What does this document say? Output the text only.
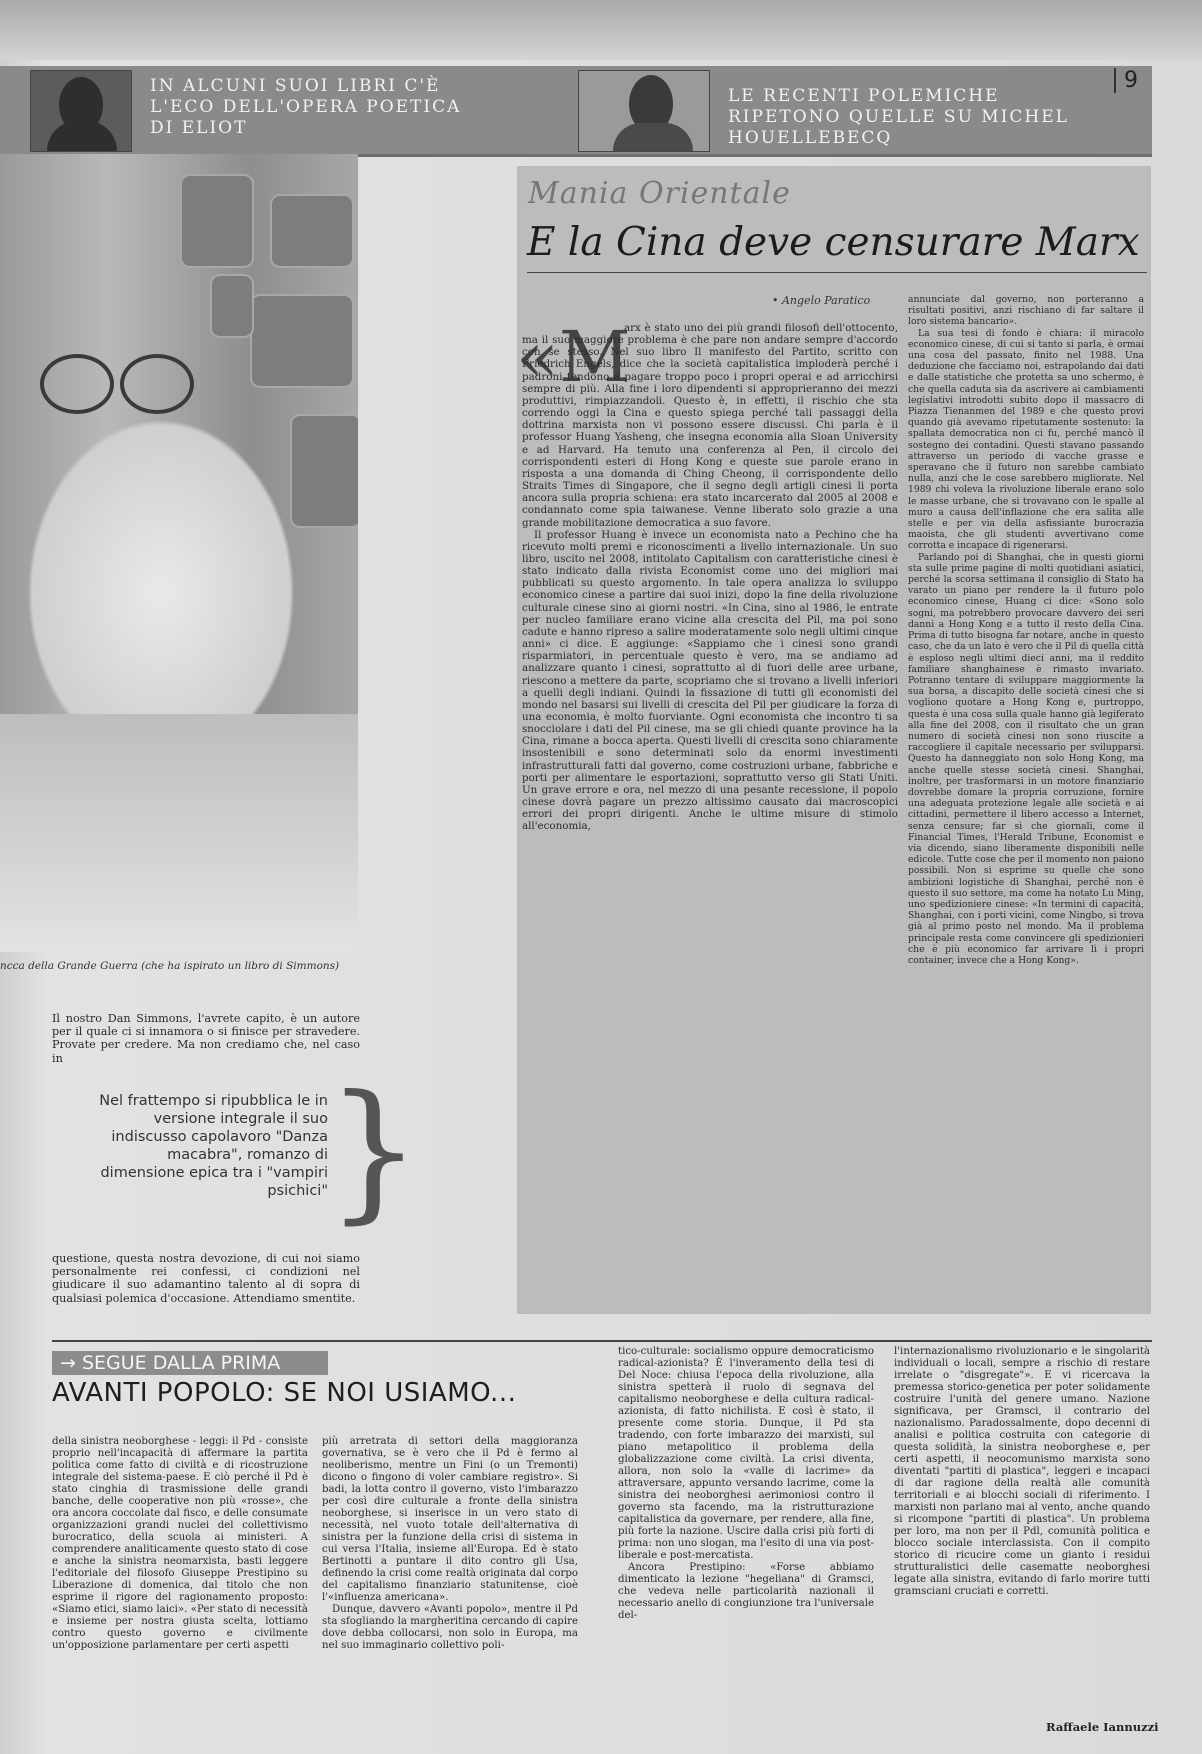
IN ALCUNI SUOI LIBRI C'È L'ECO DELL'OPERA POETICA DI ELIOT
LE RECENTI POLEMICHE RIPETONO QUELLE SU MICHEL HOUELLEBECQ
9
ncca della Grande Guerra (che ha ispirato un libro di Simmons)

Il nostro Dan Simmons, l'avrete capito, è un autore per il quale ci si innamora o si finisce per stravedere. Provate per credere. Ma non crediamo che, nel caso in

Nel frattempo si ripubblica le in versione integrale il suo indiscusso capolavoro "Danza macabra", romanzo di dimensione epica tra i "vampiri psichici"
}

questione, questa nostra devozione, di cui noi siamo personalmente rei confessi, ci condizioni nel giudicare il suo adamantino talento al di sopra di qualsiasi polemica d'occasione. Attendiamo smentite.

Mania Orientale
E la Cina deve censurare Marx
• Angelo Paratico
«M

arx è stato uno dei più grandi filosofi dell'ottocento, ma il suo maggiore problema è che pare non andare sempre d'accordo con se stesso. Nel suo libro Il manifesto del Partito, scritto con Friedrich Engels, dice che la società capitalistica imploderà perché i padroni tendono a pagare troppo poco i propri operai e ad arricchirsi sempre di più. Alla fine i loro dipendenti si approprieranno dei mezzi produttivi, rimpiazzandoli. Questo è, in effetti, il rischio che sta correndo oggi la Cina e questo spiega perché tali passaggi della dottrina marxista non vi possono essere discussi. Chi parla è il professor Huang Yasheng, che insegna economia alla Sloan University e ad Harvard. Ha tenuto una conferenza al Pen, il circolo dei corrispondenti esteri di Hong Kong e queste sue parole erano in risposta a una domanda di Ching Cheong, il corrispondente dello Straits Times di Singapore, che il segno degli artigli cinesi li porta ancora sulla propria schiena: era stato incarcerato dal 2005 al 2008 e condannato come spia taiwanese. Venne liberato solo grazie a una grande mobilitazione democratica a suo favore.

Il professor Huang è invece un economista nato a Pechino che ha ricevuto molti premi e riconoscimenti a livello internazionale. Un suo libro, uscito nel 2008, intitolato Capitalism con caratteristiche cinesi è stato indicato dalla rivista Economist come uno dei migliori mai pubblicati su questo argomento. In tale opera analizza lo sviluppo economico cinese a partire dai suoi inizi, dopo la fine della rivoluzione culturale cinese sino ai giorni nostri. «In Cina, sino al 1986, le entrate per nucleo familiare erano vicine alla crescita del Pil, ma poi sono cadute e hanno ripreso a salire moderatamente solo negli ultimi cinque anni» ci dice. E aggiunge: «Sappiamo che i cinesi sono grandi risparmiatori, in percentuale questo è vero, ma se andiamo ad analizzare quanto i cinesi, soprattutto al di fuori delle aree urbane, riescono a mettere da parte, scopriamo che si trovano a livelli inferiori a quelli degli indiani. Quindi la fissazione di tutti gli economisti del mondo nel basarsi sui livelli di crescita del Pil per giudicare la forza di una economia, è molto fuorviante. Ogni economista che incontro ti sa snocciolare i dati del Pil cinese, ma se gli chiedi quante province ha la Cina, rimane a bocca aperta. Questi livelli di crescita sono chiaramente insostenibili e sono determinati solo da enormi investimenti infrastrutturali fatti dal governo, come costruzioni urbane, fabbriche e porti per alimentare le esportazioni, soprattutto verso gli Stati Uniti. Un grave errore e ora, nel mezzo di una pesante recessione, il popolo cinese dovrà pagare un prezzo altissimo causato dai macroscopici errori dei propri dirigenti. Anche le ultime misure di stimolo all'economia,

annunciate dal governo, non porteranno a risultati positivi, anzi rischiano di far saltare il loro sistema bancario».

La sua tesi di fondo è chiara: il miracolo economico cinese, di cui si tanto si parla, è ormai una cosa del passato, finito nel 1988. Una deduzione che facciamo noi, estrapolando dai dati e dalle statistiche che protetta sa uno schermo, è che quella caduta sia da ascrivere ai cambiamenti legislativi introdotti subito dopo il massacro di Piazza Tienanmen del 1989 e che questo provi quando già avevamo ripetutamente sostenuto: la spallata democratica non ci fu, perché mancò il sostegno dei contadini. Questi stavano passando attraverso un periodo di vacche grasse e speravano che il futuro non sarebbe cambiato nulla, anzi che le cose sarebbero migliorate. Nel 1989 chi voleva la rivoluzione liberale erano solo le masse urbane, che si trovavano con le spalle al muro a causa dell'inflazione che era salita alle stelle e per via della asfissiante burocrazia maoista, che gli studenti avvertivano come corrotta e incapace di rigenerarsi.

Parlando poi di Shanghai, che in questi giorni sta sulle prime pagine di molti quotidiani asiatici, perché la scorsa settimana il consiglio di Stato ha varato un piano per rendere la il futuro polo economico cinese, Huang ci dice: «Sono solo sogni, ma potrebbero provocare davvero dei seri danni a Hong Kong e a tutto il resto della Cina. Prima di tutto bisogna far notare, anche in questo caso, che da un lato è vero che il Pil di quella città è esploso negli ultimi dieci anni, ma il reddito familiare shanghainese è rimasto invariato. Potranno tentare di sviluppare maggiormente la sua borsa, a discapito delle società cinesi che si vogliono quotare a Hong Kong e, purtroppo, questa è una cosa sulla quale hanno già legiferato alla fine del 2008, con il risultato che un gran numero di società cinesi non sono riuscite a raccogliere il capitale necessario per svilupparsi. Questo ha danneggiato non solo Hong Kong, ma anche quelle stesse società cinesi. Shanghai, inoltre, per trasformarsi in un motore finanziario dovrebbe domare la propria corruzione, fornire una adeguata protezione legale alle società e ai cittadini, permettere il libero accesso a Internet, senza censure; far sì che giornali, come il Financial Times, l'Herald Tribune, Economist e via dicendo, siano liberamente disponibili nelle edicole. Tutte cose che per il momento non paiono possibili. Non si esprime su quelle che sono ambizioni logistiche di Shanghai, perché non è questo il suo settore, ma come ha notato Lu Ming, uno spedizioniere cinese: «In termini di capacità, Shanghai, con i porti vicini, come Ningbo, si trova già al primo posto nel mondo. Ma il problema principale resta come convincere gli spedizionieri che è più economico far arrivare lì i propri container, invece che a Hong Kong».

→ SEGUE DALLA PRIMA
AVANTI POPOLO: SE NOI USIAMO...

della sinistra neoborghese - leggi: il Pd - consiste proprio nell'incapacità di affermare la partita politica come fatto di civiltà e di ricostruzione integrale del sistema-paese. E ciò perché il Pd è stato cinghia di trasmissione delle grandi banche, delle cooperative non più «rosse», che ora ancora coccolate dal fisco, e delle consumate organizzazioni grandi nuclei del collettivismo burocratico, della scuola ai ministeri. A comprendere analiticamente questo stato di cose e anche la sinistra neomarxista, basti leggere l'editoriale del filosofo Giuseppe Prestipino su Liberazione di domenica, dal titolo che non esprime il rigore del ragionamento proposto: «Siamo etici, siamo laici». «Per stato di necessità e insieme per nostra giusta scelta, lottiamo contro questo governo e civilmente un'opposizione parlamentare per certi aspetti

più arretrata di settori della maggioranza governativa, se è vero che il Pd è fermo al neoliberismo, mentre un Fini (o un Tremonti) dicono o fingono di voler cambiare registro». Si badi, la lotta contro il governo, visto l'imbarazzo per così dire culturale a fronte della sinistra neoborghese, si inserisce in un vero stato di necessità, nel vuoto totale dell'alternativa di sinistra per la funzione della crisi di sistema in cui versa l'Italia, insieme all'Europa. Ed è stato Bertinotti a puntare il dito contro gli Usa, definendo la crisi come realtà originata dal corpo del capitalismo finanziario statunitense, cioè l'«influenza americana».

Dunque, davvero «Avanti popolo», mentre il Pd sta sfogliando la margheritina cercando di capire dove debba collocarsi, non solo in Europa, ma nel suo immaginario collettivo poli-

tico-culturale: socialismo oppure democraticismo radical-azionista? È l'inveramento della tesi di Del Noce: chiusa l'epoca della rivoluzione, alla sinistra spetterà il ruolo di segnava del capitalismo neoborghese e della cultura radical-azionista, di fatto nichilista. E così è stato, il presente come storia. Dunque, il Pd sta tradendo, con forte imbarazzo dei marxisti, sul piano metapolitico il problema della globalizzazione come civiltà. La crisi diventa, allora, non solo la «valle di lacrime» da attraversare, appunto versando lacrime, come la sinistra dei neoborghesi aerimoniosi contro il governo sta facendo, ma la ristrutturazione capitalistica da governare, per rendere, alla fine, più forte la nazione. Uscire dalla crisi più forti di prima: non uno slogan, ma l'esito di una via post-liberale e post-mercatista.

Ancora Prestipino: «Forse abbiamo dimenticato la lezione "hegeliana" di Gramsci, che vedeva nelle particolarità nazionali il necessario anello di congiunzione tra l'universale del-

l'internazionalismo rivoluzionario e le singolarità individuali o locali, sempre a rischio di restare irrelate o "disgregate"». E vi ricercava la premessa storico-genetica per poter solidamente costruire l'unità del genere umano. Nazione significava, per Gramsci, il contrario del nazionalismo. Paradossalmente, dopo decenni di analisi e politica costruita con categorie di questa solidità, la sinistra neoborghese e, per certi aspetti, il neocomunismo marxista sono diventati "partiti di plastica", leggeri e incapaci di dar ragione della realtà alle comunità territoriali e ai blocchi sociali di riferimento. I marxisti non parlano mai al vento, anche quando si ricompone "partiti di plastica". Un problema per loro, ma non per il Pdl, comunità politica e blocco sociale interclassista. Con il compito storico di ricucire come un gianto i residui strutturalistici delle casematte neoborghesi legate alla sinistra, evitando di farlo morire tutti gramsciani cruciati e corretti.

Raffaele Iannuzzi
